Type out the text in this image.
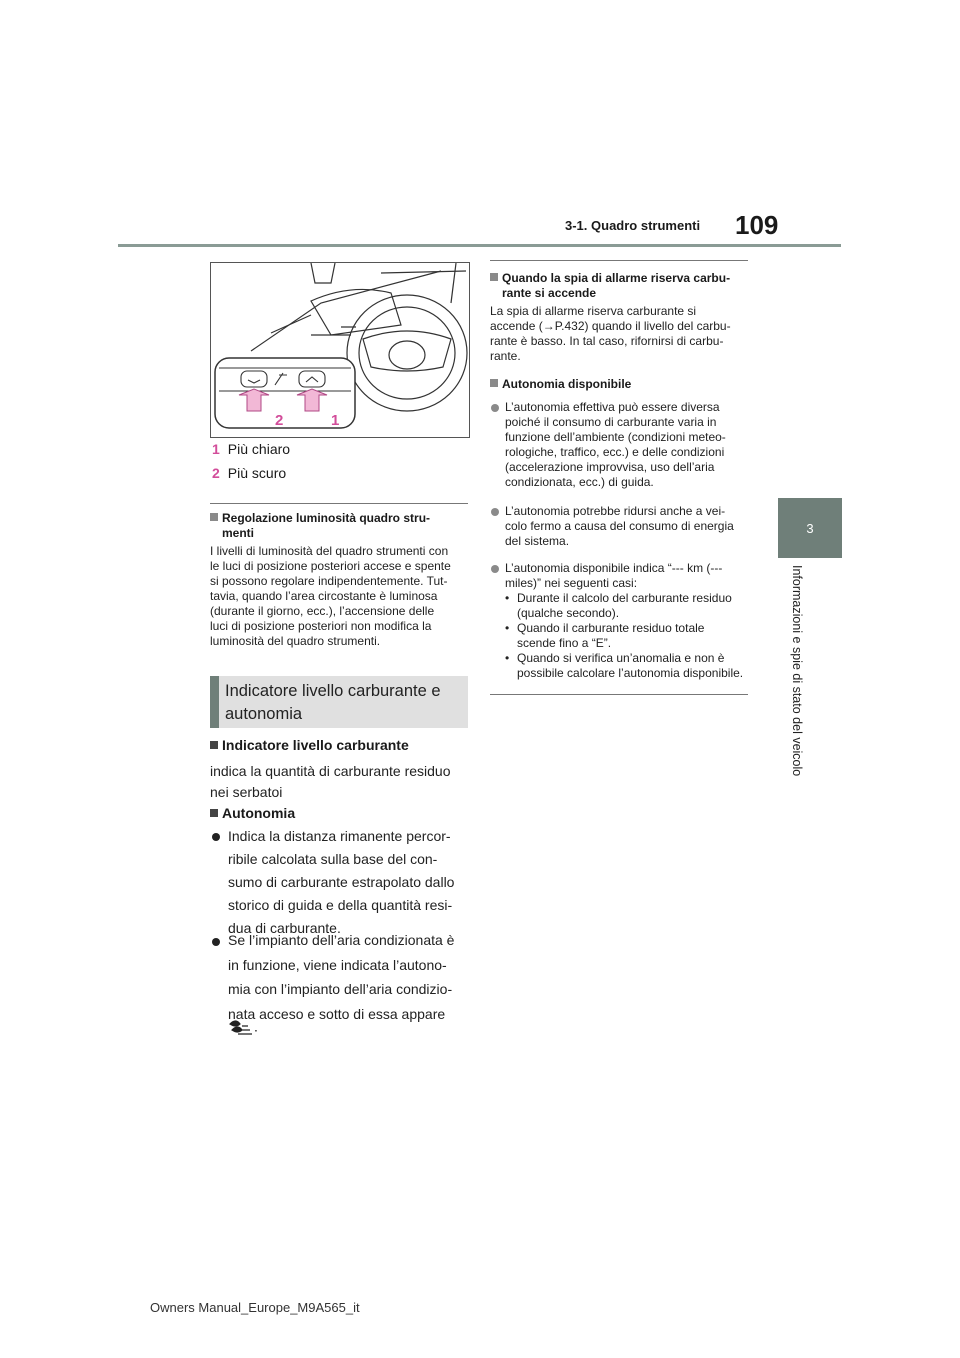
3-1. Quadro strumenti	109
3
Informazioni e spie di stato del veicolo
2	1
1 Più chiaro
2 Più scuro
Regolazione luminosità quadro stru-
menti
I livelli di luminosità del quadro strumenti con
le luci di posizione posteriori accese e spente
si possono regolare indipendentemente. Tut-
tavia, quando l’area circostante è luminosa
(durante il giorno, ecc.), l’accensione delle
luci di posizione posteriori non modifica la
luminosità del quadro strumenti.
Indicatore livello carburante e
autonomia
Indicatore livello carburante
indica la quantità di carburante residuo
nei serbatoi
Autonomia
Indica la distanza rimanente percor-
ribile calcolata sulla base del con-
sumo di carburante estrapolato dallo
storico di guida e della quantità resi-
dua di carburante.
Se l’impianto dell’aria condizionata è
in funzione, viene indicata l’autono-
mia con l’impianto dell’aria condizio-
nata acceso e sotto di essa appare
.
Quando la spia di allarme riserva carbu-
rante si accende
La spia di allarme riserva carburante si
accende (→P.432) quando il livello del carbu-
rante è basso. In tal caso, rifornirsi di carbu-
rante.
Autonomia disponibile
L’autonomia effettiva può essere diversa
poiché il consumo di carburante varia in
funzione dell’ambiente (condizioni meteo-
rologiche, traffico, ecc.) e delle condizioni
(accelerazione improvvisa, uso dell’aria
condizionata, ecc.) di guida.
L’autonomia potrebbe ridursi anche a vei-
colo fermo a causa del consumo di energia
del sistema.
L’autonomia disponibile indica “--- km (---
miles)” nei seguenti casi:
• Durante il calcolo del carburante residuo
(qualche secondo).
• Quando il carburante residuo totale
scende fino a “E”.
• Quando si verifica un’anomalia e non è
possibile calcolare l’autonomia disponibile.
Owners Manual_Europe_M9A565_it
